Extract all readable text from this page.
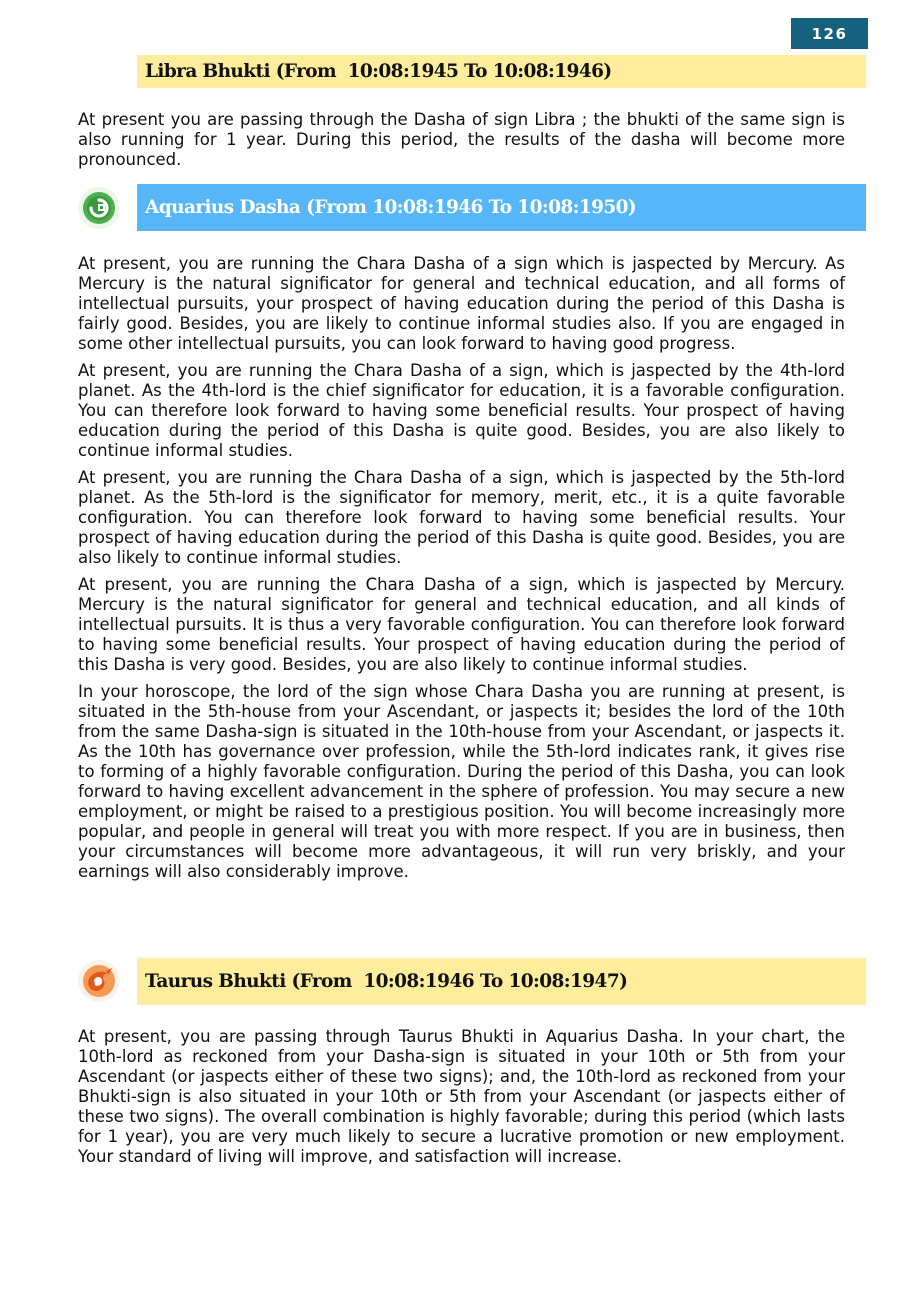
126
Libra Bhukti (From  10:08:1945 To 10:08:1946)

At present you are passing through the Dasha of sign Libra ; the bhukti of the same sign is also running for 1 year. During this period, the results of the dasha will become more pronounced.

Aquarius Dasha (From 10:08:1946 To 10:08:1950)

At present, you are running the Chara Dasha of a sign which is jaspected by Mercury. As Mercury is the natural significator for general and technical education, and all forms of intellectual pursuits, your prospect of having education during the period of this Dasha is fairly good. Besides, you are likely to continue informal studies also. If you are engaged in some other intellectual pursuits, you can look forward to having good progress.

At present, you are running the Chara Dasha of a sign, which is jaspected by the 4th-lord planet. As the 4th-lord is the chief significator for education, it is a favorable configuration. You can therefore look forward to having some beneficial results. Your prospect of having education during the period of this Dasha is quite good. Besides, you are also likely to continue informal studies.

At present, you are running the Chara Dasha of a sign, which is jaspected by the 5th-lord planet. As the 5th-lord is the significator for memory, merit, etc., it is a quite favorable configuration. You can therefore look forward to having some beneficial results. Your prospect of having education during the period of this Dasha is quite good. Besides, you are also likely to continue informal studies.

At present, you are running the Chara Dasha of a sign, which is jaspected by Mercury. Mercury is the natural significator for general and technical education, and all kinds of intellectual pursuits. It is thus a very favorable configuration. You can therefore look forward to having some beneficial results. Your prospect of having education during the period of this Dasha is very good. Besides, you are also likely to continue informal studies.

In your horoscope, the lord of the sign whose Chara Dasha you are running at present, is situated in the 5th-house from your Ascendant, or jaspects it; besides the lord of the 10th from the same Dasha-sign is situated in the 10th-house from your Ascendant, or jaspects it. As the 10th has governance over profession, while the 5th-lord indicates rank, it gives rise to forming of a highly favorable configuration. During the period of this Dasha, you can look forward to having excellent advancement in the sphere of profession. You may secure a new employment, or might be raised to a prestigious position. You will become increasingly more popular, and people in general will treat you with more respect. If you are in business, then your circumstances will become more advantageous, it will run very briskly, and your earnings will also considerably improve.

Taurus Bhukti (From  10:08:1946 To 10:08:1947)

At present, you are passing through Taurus Bhukti in Aquarius Dasha. In your chart, the 10th-lord as reckoned from your Dasha-sign is situated in your 10th or 5th from your Ascendant (or jaspects either of these two signs); and, the 10th-lord as reckoned from your Bhukti-sign is also situated in your 10th or 5th from your Ascendant (or jaspects either of these two signs). The overall combination is highly favorable; during this period (which lasts for 1 year), you are very much likely to secure a lucrative promotion or new employment. Your standard of living will improve, and satisfaction will increase.
